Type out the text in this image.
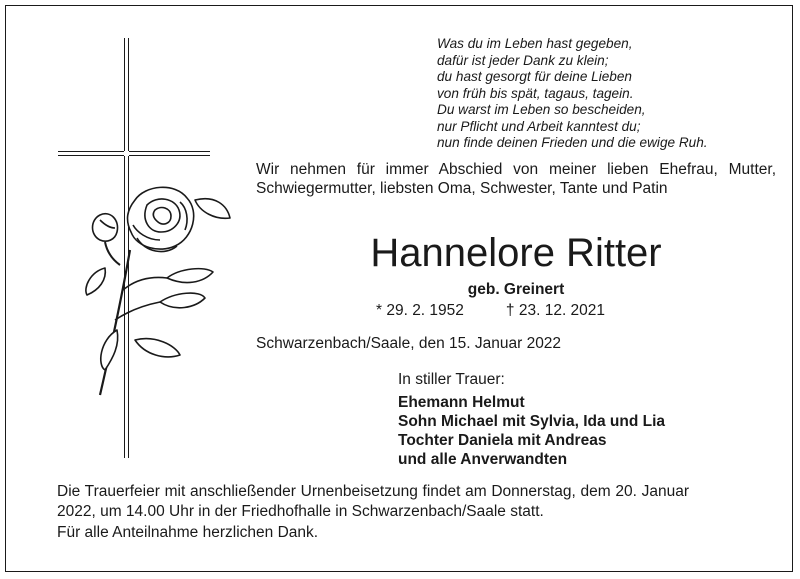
Was du im Leben hast gegeben,
dafür ist jeder Dank zu klein;
du hast gesorgt für deine Lieben
von früh bis spät, tagaus, tagein.
Du warst im Leben so bescheiden,
nur Pflicht und Arbeit kanntest du;
nun finde deinen Frieden und die ewige Ruh.
Wir nehmen für immer Abschied von meiner lieben Ehefrau, Mutter, Schwiegermutter, liebsten Oma, Schwester, Tante und Patin
Hannelore Ritter
geb. Greinert
* 29. 2. 1952	† 23. 12. 2021
Schwarzenbach/Saale, den 15. Januar 2022
In stiller Trauer:
Ehemann Helmut
Sohn Michael mit Sylvia, Ida und Lia
Tochter Daniela mit Andreas
und alle Anverwandten
Die Trauerfeier mit anschließender Urnenbeisetzung findet am Donnerstag, dem 20. Januar 2022, um 14.00 Uhr in der Friedhofhalle in Schwarzenbach/Saale statt.
Für alle Anteilnahme herzlichen Dank.
